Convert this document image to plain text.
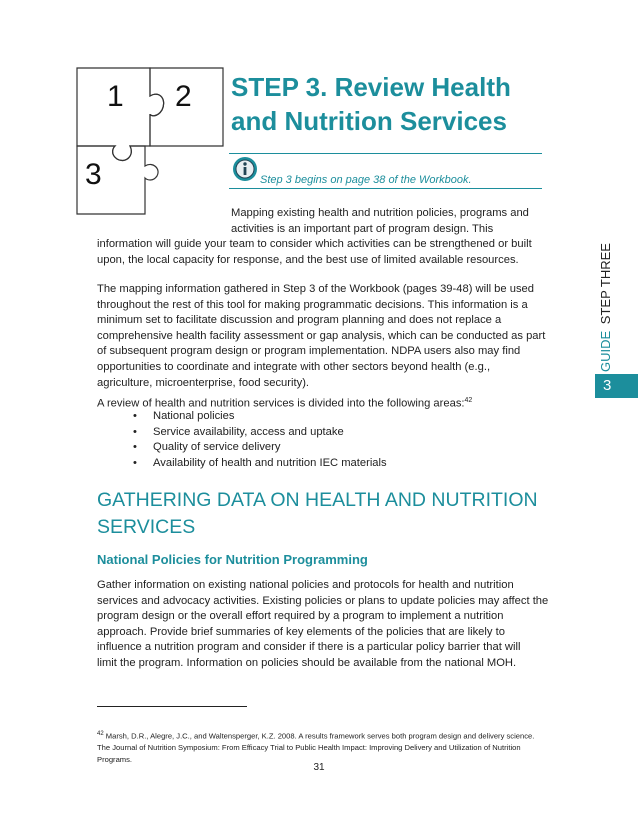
1 2
3
STEP 3. Review Health
and Nutrition Services
Step 3 begins on page 38 of the Workbook.
Mapping existing health and nutrition policies, programs and
activities is an important part of program design. This
information will guide your team to consider which activities can be strengthened or built
upon, the local capacity for response, and the best use of limited available resources.
The mapping information gathered in Step 3 of the Workbook (pages 39-48) will be used
throughout the rest of this tool for making programmatic decisions. This information is a
minimum set to facilitate discussion and program planning and does not replace a
comprehensive health facility assessment or gap analysis, which can be conducted as part
of subsequent program design or program implementation. NDPA users also may find
opportunities to coordinate and integrate with other sectors beyond health (e.g.,
agriculture, microenterprise, food security).
A review of health and nutrition services is divided into the following areas:$^{42}$
• National policies
• Service availability, access and uptake
• Quality of service delivery
• Availability of health and nutrition IEC materials
GATHERING DATA ON HEALTH AND NUTRITION
SERVICES
National Policies for Nutrition Programming
Gather information on existing national policies and protocols for health and nutrition
services and advocacy activities. Existing policies or plans to update policies may affect the
program design or the overall effort required by a program to implement a nutrition
approach. Provide brief summaries of key elements of the policies that are likely to
influence a nutrition program and consider if there is a particular policy barrier that will
limit the program. Information on policies should be available from the national MOH.
$^{42}$ Marsh, D.R., Alegre, J.C., and Waltensperger, K.Z. 2008. A results framework serves both program design and delivery science.
The Journal of Nutrition Symposium: From Efficacy Trial to Public Health Impact: Improving Delivery and Utilization of Nutrition
Programs.
31
GUIDE STEP THREE
3
